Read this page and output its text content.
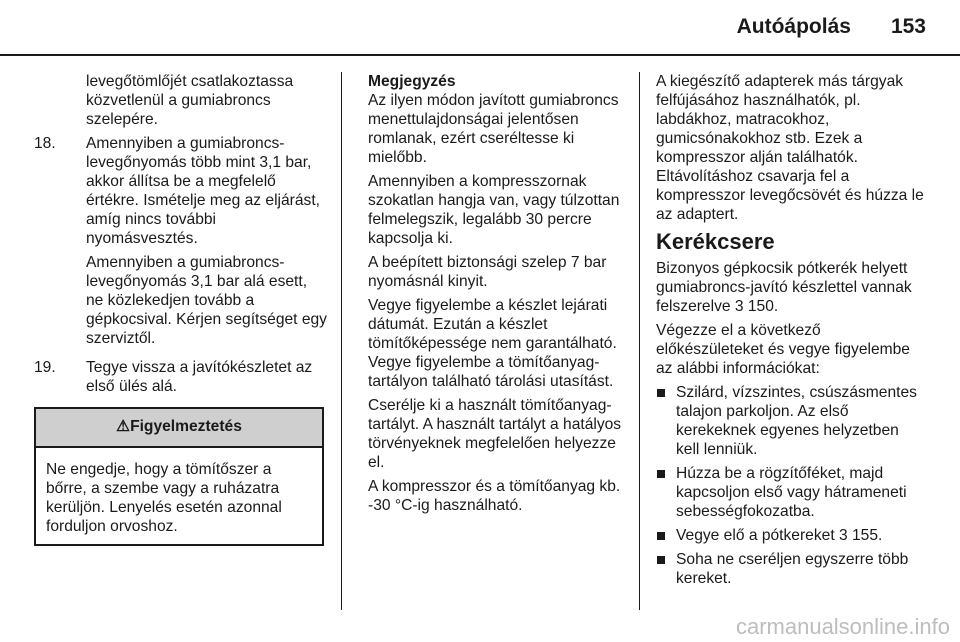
Autóápolás 153

levegőtömlőjét csatlakoztassa közvetlenül a gumiabroncs szelepére.

18.	Amennyiben a gumiabroncs-levegőnyomás több mint 3,1 bar, akkor állítsa be a megfelelő értékre. Ismételje meg az eljárást, amíg nincs további nyomásvesztés.

Amennyiben a gumiabroncs-levegőnyomás 3,1 bar alá esett, ne közlekedjen tovább a gépkocsival. Kérjen segítséget egy szerviztől.

19.	Tegye vissza a javítókészletet az első ülés alá.

⚠Figyelmeztetés
Ne engedje, hogy a tömítőszer a bőrre, a szembe vagy a ruházatra kerüljön. Lenyelés esetén azonnal forduljon orvoshoz.
Megjegyzés

Az ilyen módon javított gumiabroncs menettulajdonságai jelentősen romlanak, ezért cseréltesse ki mielőbb.

Amennyiben a kompresszornak szokatlan hangja van, vagy túlzottan felmelegszik, legalább 30 percre kapcsolja ki.

A beépített biztonsági szelep 7 bar nyomásnál kinyit.

Vegye figyelembe a készlet lejárati dátumát. Ezután a készlet tömítőképessége nem garantálható. Vegye figyelembe a tömítőanyag-tartályon található tárolási utasítást.

Cserélje ki a használt tömítőanyag-tartályt. A használt tartályt a hatályos törvényeknek megfelelően helyezze el.

A kompresszor és a tömítőanyag kb. -30 °C-ig használható.

A kiegészítő adapterek más tárgyak felfújásához használhatók, pl. labdákhoz, matracokhoz, gumicsónakokhoz stb. Ezek a kompresszor alján találhatók. Eltávolításhoz csavarja fel a kompresszor levegőcsövét és húzza le az adaptert.

Kerékcsere

Bizonyos gépkocsik pótkerék helyett gumiabroncs-javító készlettel vannak felszerelve 3 150.

Végezze el a következő előkészületeket és vegye figyelembe az alábbi információkat:

Szilárd, vízszintes, csúszásmentes talajon parkoljon. Az első kerekeknek egyenes helyzetben kell lenniük.
Húzza be a rögzítőféket, majd kapcsoljon első vagy hátrameneti sebességfokozatba.
Vegye elő a pótkereket 3 155.
Soha ne cseréljen egyszerre több kereket.
carmanualsonline.info
